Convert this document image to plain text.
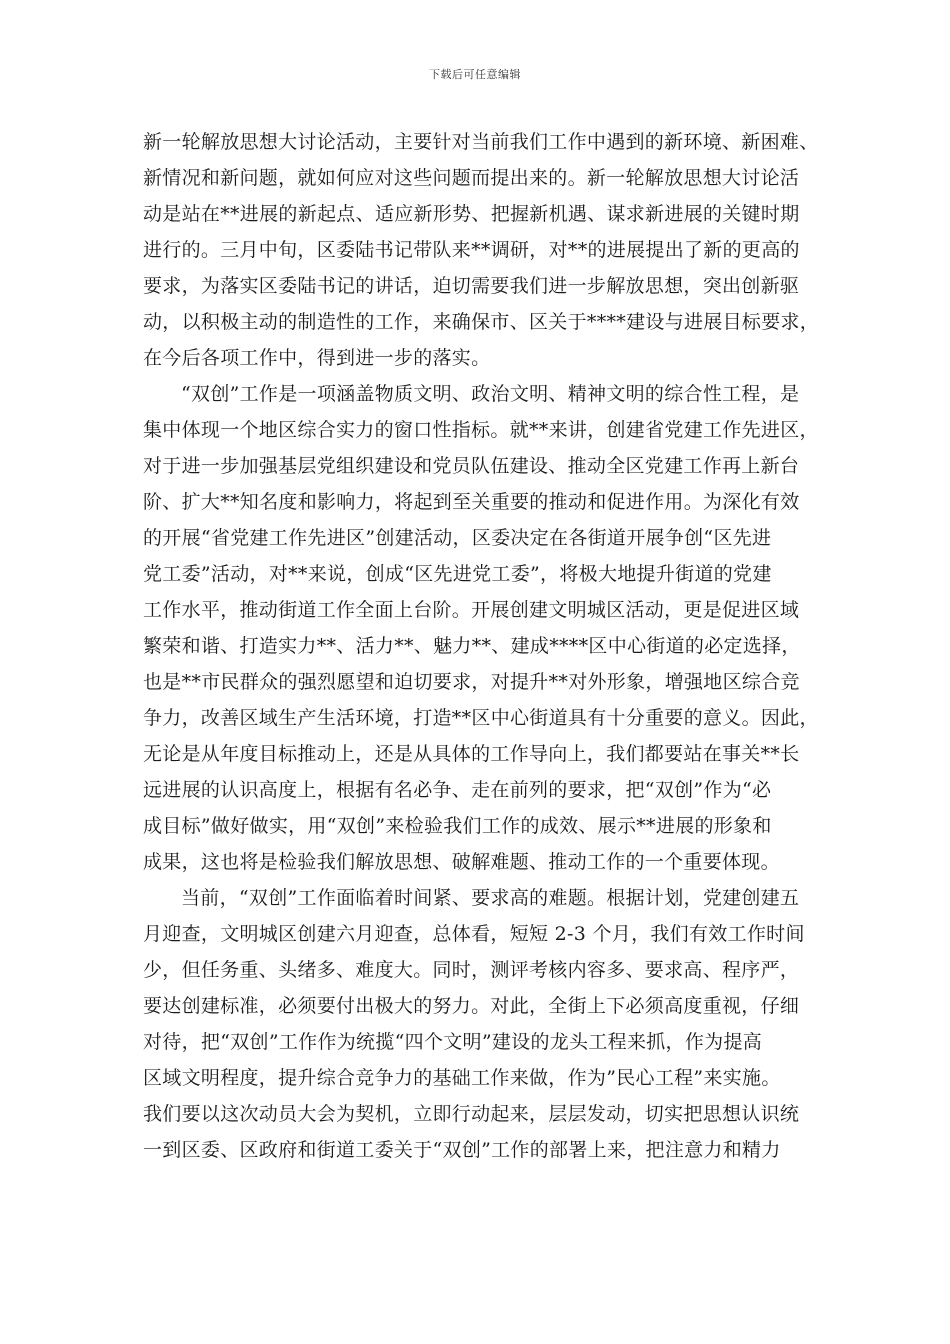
下载后可任意编辑
新一轮解放思想大讨论活动，主要针对当前我们工作中遇到的新环境、新困难、
新情况和新问题，就如何应对这些问题而提出来的。新一轮解放思想大讨论活
动是站在**进展的新起点、适应新形势、把握新机遇、谋求新进展的关键时期
进行的。三月中旬，区委陆书记带队来**调研，对**的进展提出了新的更高的
要求，为落实区委陆书记的讲话，迫切需要我们进一步解放思想，突出创新驱
动，以积极主动的制造性的工作，来确保市、区关于****建设与进展目标要求，
在今后各项工作中，得到进一步的落实。
“双创”工作是一项涵盖物质文明、政治文明、精神文明的综合性工程，是
集中体现一个地区综合实力的窗口性指标。就**来讲，创建省党建工作先进区，
对于进一步加强基层党组织建设和党员队伍建设、推动全区党建工作再上新台
阶、扩大**知名度和影响力，将起到至关重要的推动和促进作用。为深化有效
的开展“省党建工作先进区”创建活动，区委决定在各街道开展争创“区先进
党工委”活动，对**来说，创成“区先进党工委”，将极大地提升街道的党建
工作水平，推动街道工作全面上台阶。开展创建文明城区活动，更是促进区域
繁荣和谐、打造实力**、活力**、魅力**、建成****区中心街道的必定选择，
也是**市民群众的强烈愿望和迫切要求，对提升**对外形象，增强地区综合竞
争力，改善区域生产生活环境，打造**区中心街道具有十分重要的意义。因此，
无论是从年度目标推动上，还是从具体的工作导向上，我们都要站在事关**长
远进展的认识高度上，根据有名必争、走在前列的要求，把“双创”作为“必
成目标”做好做实，用“双创”来检验我们工作的成效、展示**进展的形象和
成果，这也将是检验我们解放思想、破解难题、推动工作的一个重要体现。
当前，“双创”工作面临着时间紧、要求高的难题。根据计划，党建创建五
月迎查，文明城区创建六月迎查，总体看，短短 2-3 个月，我们有效工作时间
少，但任务重、头绪多、难度大。同时，测评考核内容多、要求高、程序严，
要达创建标准，必须要付出极大的努力。对此，全街上下必须高度重视，仔细
对待，把“双创”工作作为统揽“四个文明”建设的龙头工程来抓，作为提高
区域文明程度，提升综合竞争力的基础工作来做，作为”民心工程”来实施。
我们要以这次动员大会为契机，立即行动起来，层层发动，切实把思想认识统
一到区委、区政府和街道工委关于“双创”工作的部署上来，把注意力和精力
